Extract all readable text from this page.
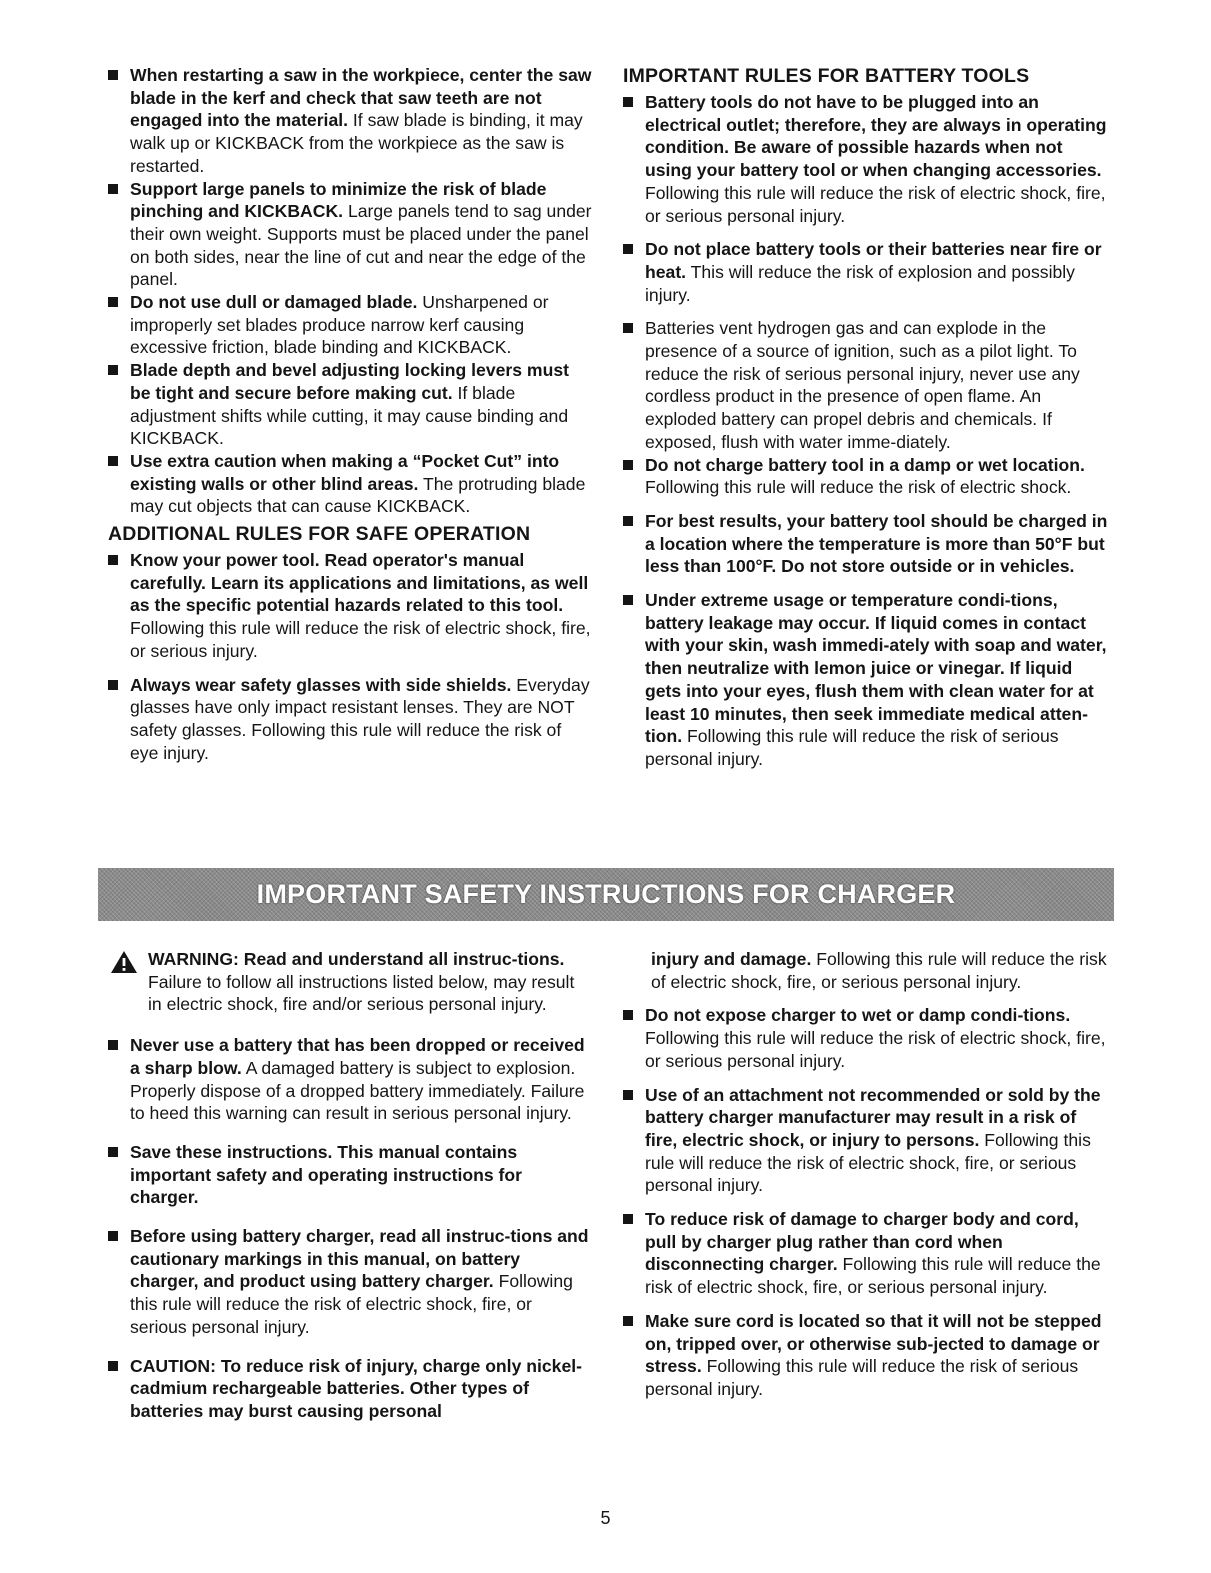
When restarting a saw in the workpiece, center the saw blade in the kerf and check that saw teeth are not engaged into the material. If saw blade is binding, it may walk up or KICKBACK from the workpiece as the saw is restarted.
Support large panels to minimize the risk of blade pinching and KICKBACK. Large panels tend to sag under their own weight. Supports must be placed under the panel on both sides, near the line of cut and near the edge of the panel.
Do not use dull or damaged blade. Unsharpened or improperly set blades produce narrow kerf causing excessive friction, blade binding and KICKBACK.
Blade depth and bevel adjusting locking levers must be tight and secure before making cut. If blade adjustment shifts while cutting, it may cause binding and KICKBACK.
Use extra caution when making a “Pocket Cut” into existing walls or other blind areas. The protruding blade may cut objects that can cause KICKBACK.
ADDITIONAL RULES FOR SAFE OPERATION
Know your power tool. Read operator's manual carefully. Learn its applications and limitations, as well as the specific potential hazards related to this tool. Following this rule will reduce the risk of electric shock, fire, or serious injury.
Always wear safety glasses with side shields. Everyday glasses have only impact resistant lenses. They are NOT safety glasses. Following this rule will reduce the risk of eye injury.
IMPORTANT RULES FOR BATTERY TOOLS
Battery tools do not have to be plugged into an electrical outlet; therefore, they are always in operating condition. Be aware of possible hazards when not using your battery tool or when changing accessories. Following this rule will reduce the risk of electric shock, fire, or serious personal injury.
Do not place battery tools or their batteries near fire or heat. This will reduce the risk of explosion and possibly injury.
Batteries vent hydrogen gas and can explode in the presence of a source of ignition, such as a pilot light. To reduce the risk of serious personal injury, never use any cordless product in the presence of open flame. An exploded battery can propel debris and chemicals. If exposed, flush with water imme-diately.
Do not charge battery tool in a damp or wet location. Following this rule will reduce the risk of electric shock.
For best results, your battery tool should be charged in a location where the temperature is more than 50°F but less than 100°F. Do not store outside or in vehicles.
Under extreme usage or temperature condi-tions, battery leakage may occur. If liquid comes in contact with your skin, wash immedi-ately with soap and water, then neutralize with lemon juice or vinegar. If liquid gets into your eyes, flush them with clean water for at least 10 minutes, then seek immediate medical atten-tion. Following this rule will reduce the risk of serious personal injury.
IMPORTANT SAFETY INSTRUCTIONS FOR CHARGER
WARNING: Read and understand all instruc-tions. Failure to follow all instructions listed below, may result in electric shock, fire and/or serious personal injury.
Never use a battery that has been dropped or received a sharp blow. A damaged battery is subject to explosion. Properly dispose of a dropped battery immediately. Failure to heed this warning can result in serious personal injury.
Save these instructions. This manual contains important safety and operating instructions for charger.
Before using battery charger, read all instruc-tions and cautionary markings in this manual, on battery charger, and product using battery charger. Following this rule will reduce the risk of electric shock, fire, or serious personal injury.
CAUTION: To reduce risk of injury, charge only nickel-cadmium rechargeable batteries. Other types of batteries may burst causing personal
injury and damage. Following this rule will reduce the risk of electric shock, fire, or serious personal injury.
Do not expose charger to wet or damp condi-tions. Following this rule will reduce the risk of electric shock, fire, or serious personal injury.
Use of an attachment not recommended or sold by the battery charger manufacturer may result in a risk of fire, electric shock, or injury to persons. Following this rule will reduce the risk of electric shock, fire, or serious personal injury.
To reduce risk of damage to charger body and cord, pull by charger plug rather than cord when disconnecting charger. Following this rule will reduce the risk of electric shock, fire, or serious personal injury.
Make sure cord is located so that it will not be stepped on, tripped over, or otherwise sub-jected to damage or stress. Following this rule will reduce the risk of serious personal injury.
5
